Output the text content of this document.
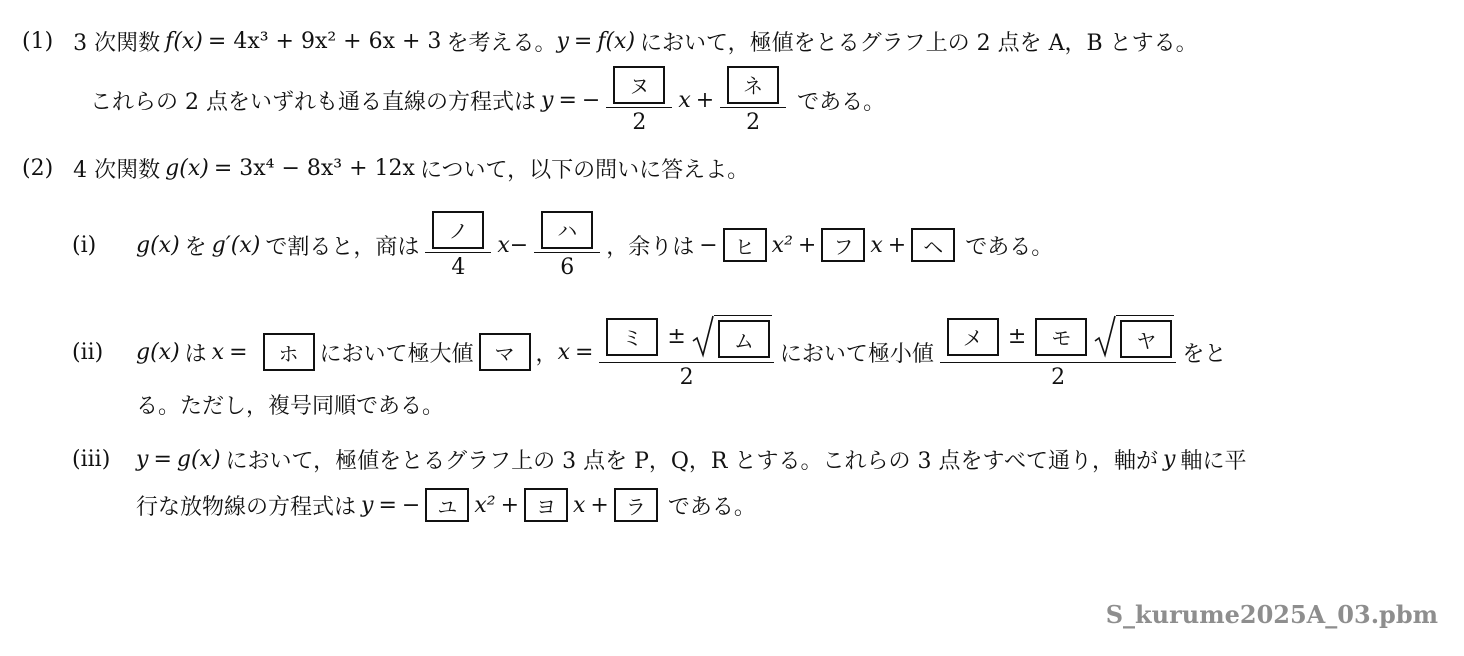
(1) 3 次関数 f(x) = 4x³ + 9x² + 6x + 3 を考える。 y = f(x) において，極値をとるグラフ上の 2 点を A，B とする。
これらの 2 点をいずれも通る直線の方程式は y = − $\frac{\text{ヌ}}{2}$ $x + \frac{\text{ネ}}{2}$ である。
(2) 4 次関数 g(x) = 3x⁴ − 8x³ + 12x について，以下の問いに答えよ。
(i)	g(x) を g′(x) で割ると，商は $\frac{\text{ノ}}{4}$ $x - \frac{\text{ハ}}{6}$ ，余りは − ヒ x² + フ x + ヘ	である。
(ii)	g(x) は x =	ホ において極大値	マ ， x = ミ	±	ム
2 において極小値 メ	±	モ	ヤ
2 をと
る。ただし，複号同順である。
(iii)	y = g(x) において，極値をとるグラフ上の 3 点を P，Q，R とする。これらの 3 点をすべて通り，軸が y 軸に平
行な放物線の方程式は y = − ユ x² + ヨ x + ラ	である。
S_kurume2025A_03.pbm
